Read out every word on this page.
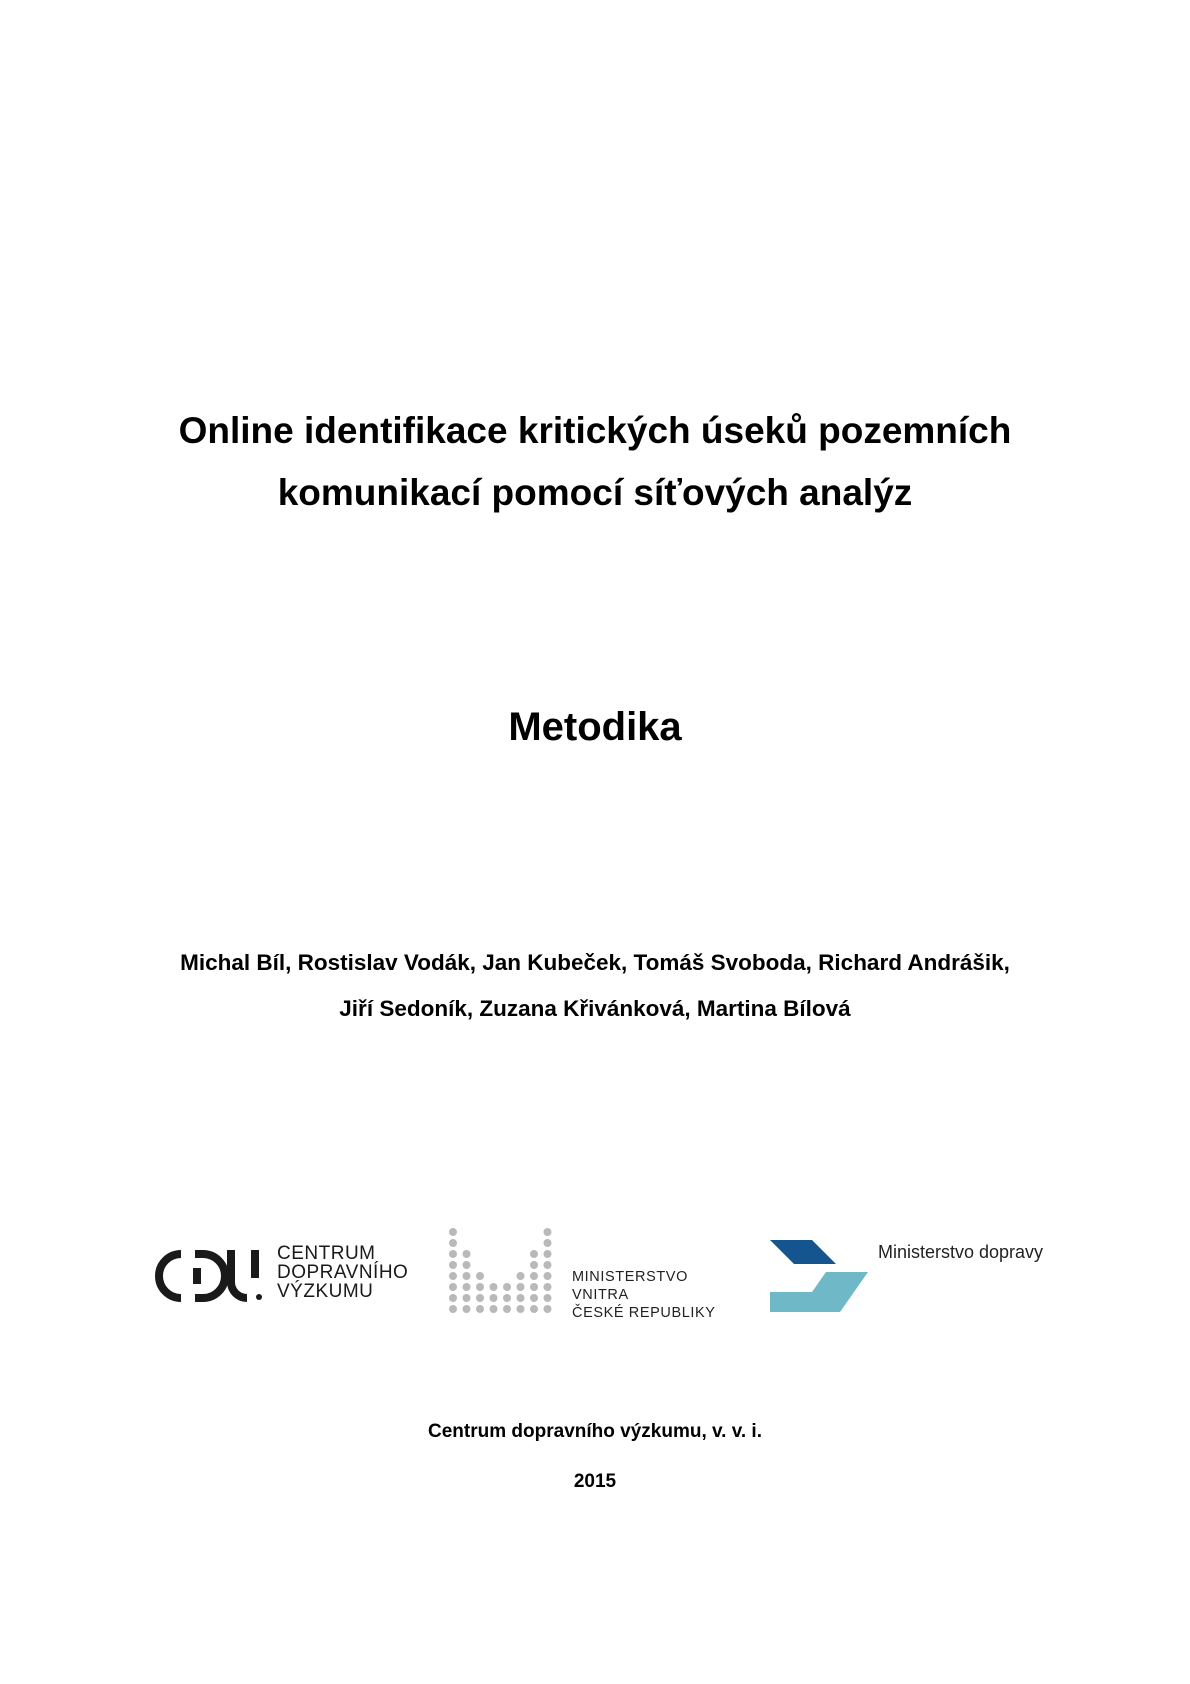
Online identifikace kritických úseků pozemních
komunikací pomocí síťových analýz
Metodika
Michal Bíl, Rostislav Vodák, Jan Kubeček, Tomáš Svoboda, Richard Andrášik,
Jiří Sedoník, Zuzana Křivánková, Martina Bílová
CENTRUM
DOPRAVNÍHO
VÝZKUMU
MINISTERSTVO VNITRA
ČESKÉ REPUBLIKY
Ministerstvo dopravy
Centrum dopravního výzkumu, v. v. i.
2015
